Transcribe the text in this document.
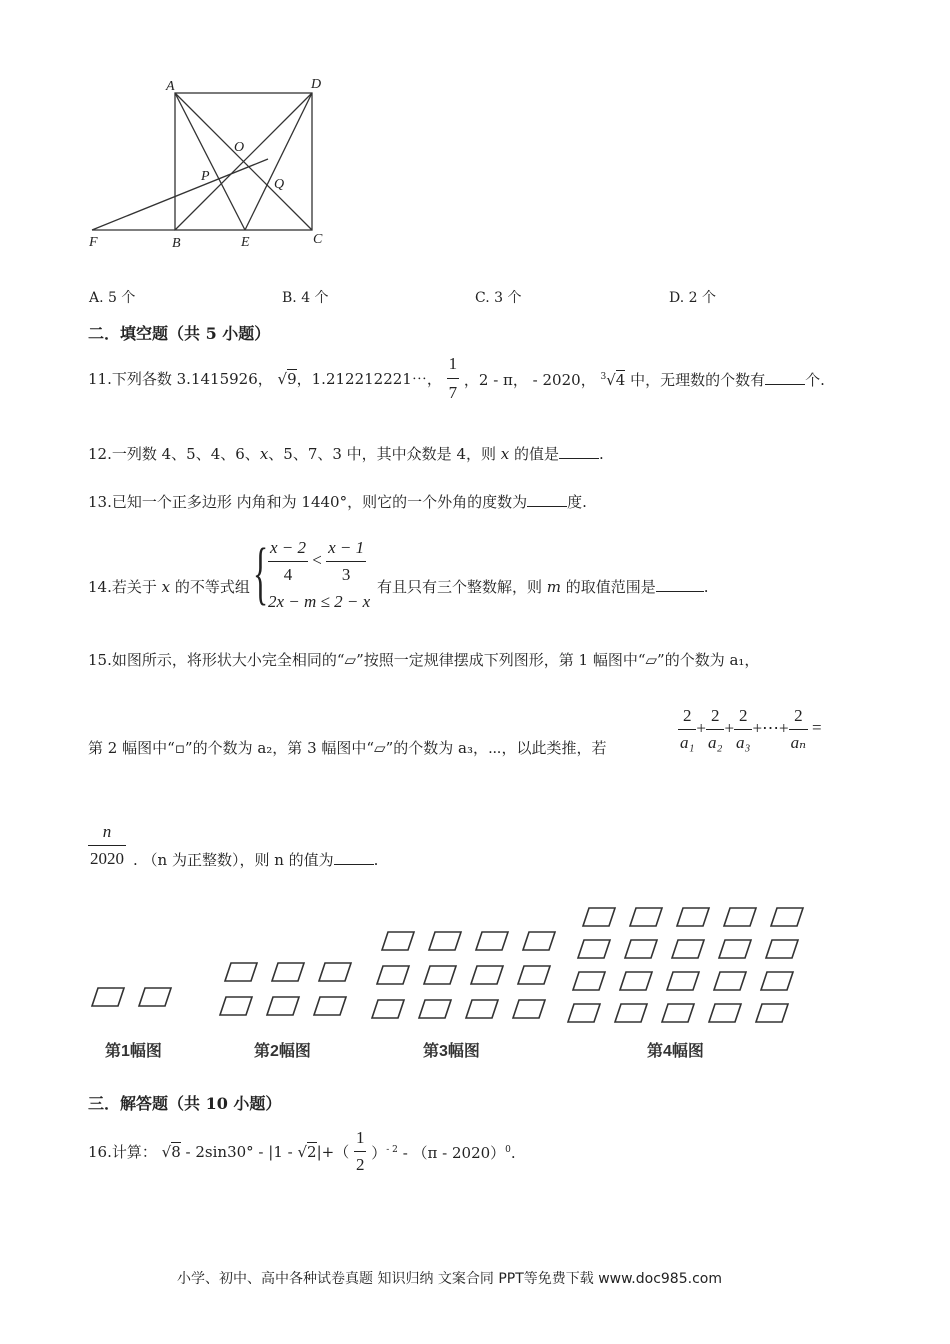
A	D
O
P
Q
F	B	E	C
A. 5 个	B. 4 个	C. 3 个	D. 2 个
二．填空题（共 5 小题）
11.下列各数 3.1415926， √9，1.212212221⋯， $\frac{1}{7}$ ，2 - π， - 2020， $^3$√4 中，无理数的个数有	个.
12.一列数 4、5、4、6、x、5、7、3 中，其中众数是 4，则 x 的值是	.
13.已知一个正多边形 内角和为 1440°，则它的一个外角的度数为	度.
14.若关于 x 的不等式组 { $\frac{x - 2}{4} < \frac{x - 1}{3}$
2x − m ≤ 2 − x
有且只有三个整数解，则 m 的取值范围是	.
15.如图所示，将形状大小完全相同的“▱”按照一定规律摆成下列图形，第 1 幅图中“▱”的个数为 a₁，
第 2 幅图中“▫”的个数为 a₂，第 3 幅图中“▱”的个数为 a₃，⋯，以此类推，若	$\frac{2}{\text{a₁}} + \frac{2}{\text{a₂}} + \frac{2}{\text{a₃}}$ +⋯+ $\frac{2}{\text{aₙ}}$ =
$\frac{n}{2020}$ . （n 为正整数），则 n 的值为	.
第1幅图	第2幅图	第3幅图	第4幅图
三．解答题（共 10 小题）
16.计算： $√8 - 2\sin 30^\circ - |1 - √2|+( \frac{1}{2} )^{- 2} - (\pi - 2020)^0$.
小学、初中、高中各种试卷真题 知识归纳 文案合同 PPT等免费下载 www.doc985.com
